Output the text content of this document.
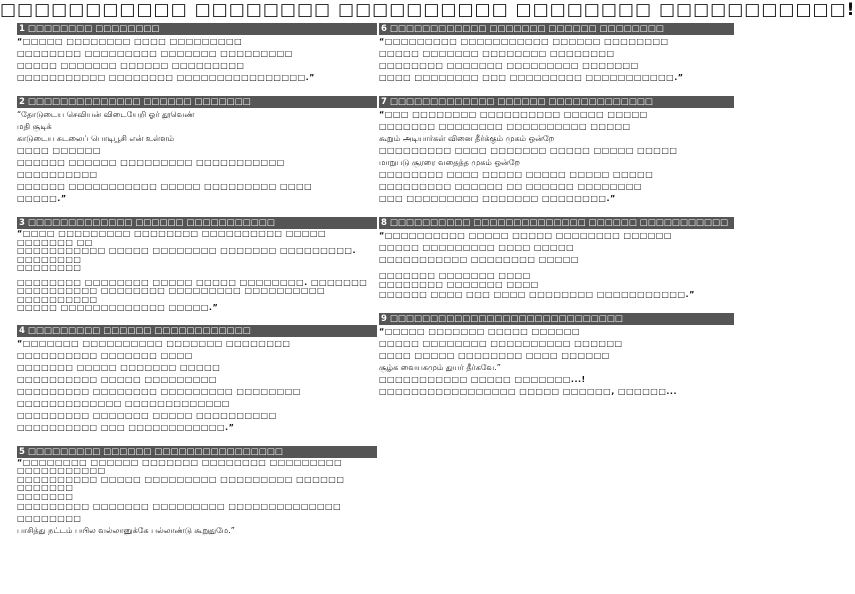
□□□□□□□□□□□ □□□□□□□□ □□□□□□□□□□ □□□□□□□□ □□□□□□□□□□□!
1 □□□□□□□□ □□□□□□□□
“□□□□□ □□□□□□□□ □□□□ □□□□□□□□□
□□□□□□□□ □□□□□□□□□ □□□□□□□ □□□□□□□□□
□□□□□ □□□□□□□ □□□□□□ □□□□□□□□□
□□□□□□□□□□□ □□□□□□□□ □□□□□□□□□□□□□□□□.”
2 □□□□□□□□□□□□□□ □□□□□□ □□□□□□□
“தோடுடைய செவியன் விடையேறி ஓர் தூவெண்
மதி சூடிக்
காடுடைய சுடலைப் பொடிபூசி என் உள்ளம்
□□□□ □□□□□□
□□□□□□ □□□□□□ □□□□□□□□□ □□□□□□□□□□□
□□□□□□□□□□
□□□□□□ □□□□□□□□□□□ □□□□□ □□□□□□□□□ □□□□
□□□□□.”
3 □□□□□□□□□□□□□ □□□□□□ □□□□□□□□□□□
“□□□□ □□□□□□□□□ □□□□□□□□ □□□□□□□□□□ □□□□□ □□□□□□□ □□
□□□□□□□□□□□ □□□□□ □□□□□□□□ □□□□□□□ □□□□□□□□□. □□□□□□□□
□□□□□□□□
□□□□□□□□ □□□□□□□□ □□□□□ □□□□□ □□□□□□□□. □□□□□□□
□□□□□□□□□□ □□□□□□□□ □□□□□□□□□ □□□□□□□□□□ □□□□□□□□□□
□□□□□ □□□□□□□□□□□□□ □□□□□.”
4 □□□□□□□□□ □□□□□□ □□□□□□□□□□□□
“□□□□□□□ □□□□□□□□□□ □□□□□□□ □□□□□□□□
□□□□□□□□□□ □□□□□□□ □□□□
□□□□□□□ □□□□□ □□□□□□□ □□□□□
□□□□□□□□□□ □□□□□ □□□□□□□□□
□□□□□□□□□ □□□□□□□□ □□□□□□□□□ □□□□□□□□
□□□□□□□□□□□□□ □□□□□□□□□□□□□
□□□□□□□□□ □□□□□□□ □□□□□ □□□□□□□□□□
□□□□□□□□□□ □□□ □□□□□□□□□□□□.”
5 □□□□□□□□□ □□□□□□ □□□□□□□□□□□□□□□□
“□□□□□□□□ □□□□□□ □□□□□□□ □□□□□□□□ □□□□□□□□□ □□□□□□□□□□□
□□□□□□□□□□ □□□□□ □□□□□□□□□ □□□□□□□□□ □□□□□□ □□□□□□□
□□□□□□□
□□□□□□□□□ □□□□□□□ □□□□□□□□□ □□□□□□□□□□□□□□ □□□□□□□□
பாசித்து நட்டம் பயில வல்லானுக்கே பல்லாண்டு கூறுதுமே.”
6 □□□□□□□□□□□□ □□□□□□□ □□□□□□ □□□□□□□□
“□□□□□□□□□ □□□□□□□□□□□ □□□□□□ □□□□□□□□
□□□□□ □□□□□□□ □□□□□□□□ □□□□□□□□
□□□□□□□□ □□□□□□□ □□□□□□□□□ □□□□□□□
□□□□ □□□□□□□□ □□□ □□□□□□□□□ □□□□□□□□□□□.”
7 □□□□□□□□□□□□□ □□□□□□ □□□□□□□□□□□□□
“□□□ □□□□□□□□ □□□□□□□□□□ □□□□□ □□□□□
□□□□□□□ □□□□□□□□ □□□□□□□□□□ □□□□□
கூறும் அடியார்கள் வினை தீர்க்கும் முகம் ஒன்றே
□□□□□□□□□ □□□□ □□□□□□□ □□□□□ □□□□□ □□□□□
மாறுபடு சூரரை வதைத்த முகம் ஒன்றே
□□□□□□□□ □□□□ □□□□□ □□□□□ □□□□□ □□□□□
□□□□□□□□□ □□□□□□ □□ □□□□□□ □□□□□□□□
□□□ □□□□□□□□□ □□□□□□□ □□□□□□□□.”
8 □□□□□□□□□□ □□□□□□□□□□□□□□ □□□□□□ □□□□□□□□□□□
“□□□□□□□□□□ □□□□□ □□□□□ □□□□□□□□ □□□□□□
□□□□□ □□□□□□□□□ □□□□ □□□□□
□□□□□□□□□□□ □□□□□□□□ □□□□□
□□□□□□□ □□□□□□□ □□□□
□□□□□□□□ □□□□□□□ □□□□
□□□□□□ □□□□ □□□ □□□□ □□□□□□□□ □□□□□□□□□□□.”
9 □□□□□□□□□□□□□□□□□□□□□□□□□□□□□
“□□□□□ □□□□□□□ □□□□□ □□□□□□
□□□□□ □□□□□□□□ □□□□□□□□□□ □□□□□□
□□□□ □□□□□ □□□□□□□□ □□□□ □□□□□□
சூழ்க வையகமும் துயர் தீர்கவே.”
□□□□□□□□□□□ □□□□□ □□□□□□□...!
□□□□□□□□□□□□□□□□□ □□□□□ □□□□□□, □□□□□□...
